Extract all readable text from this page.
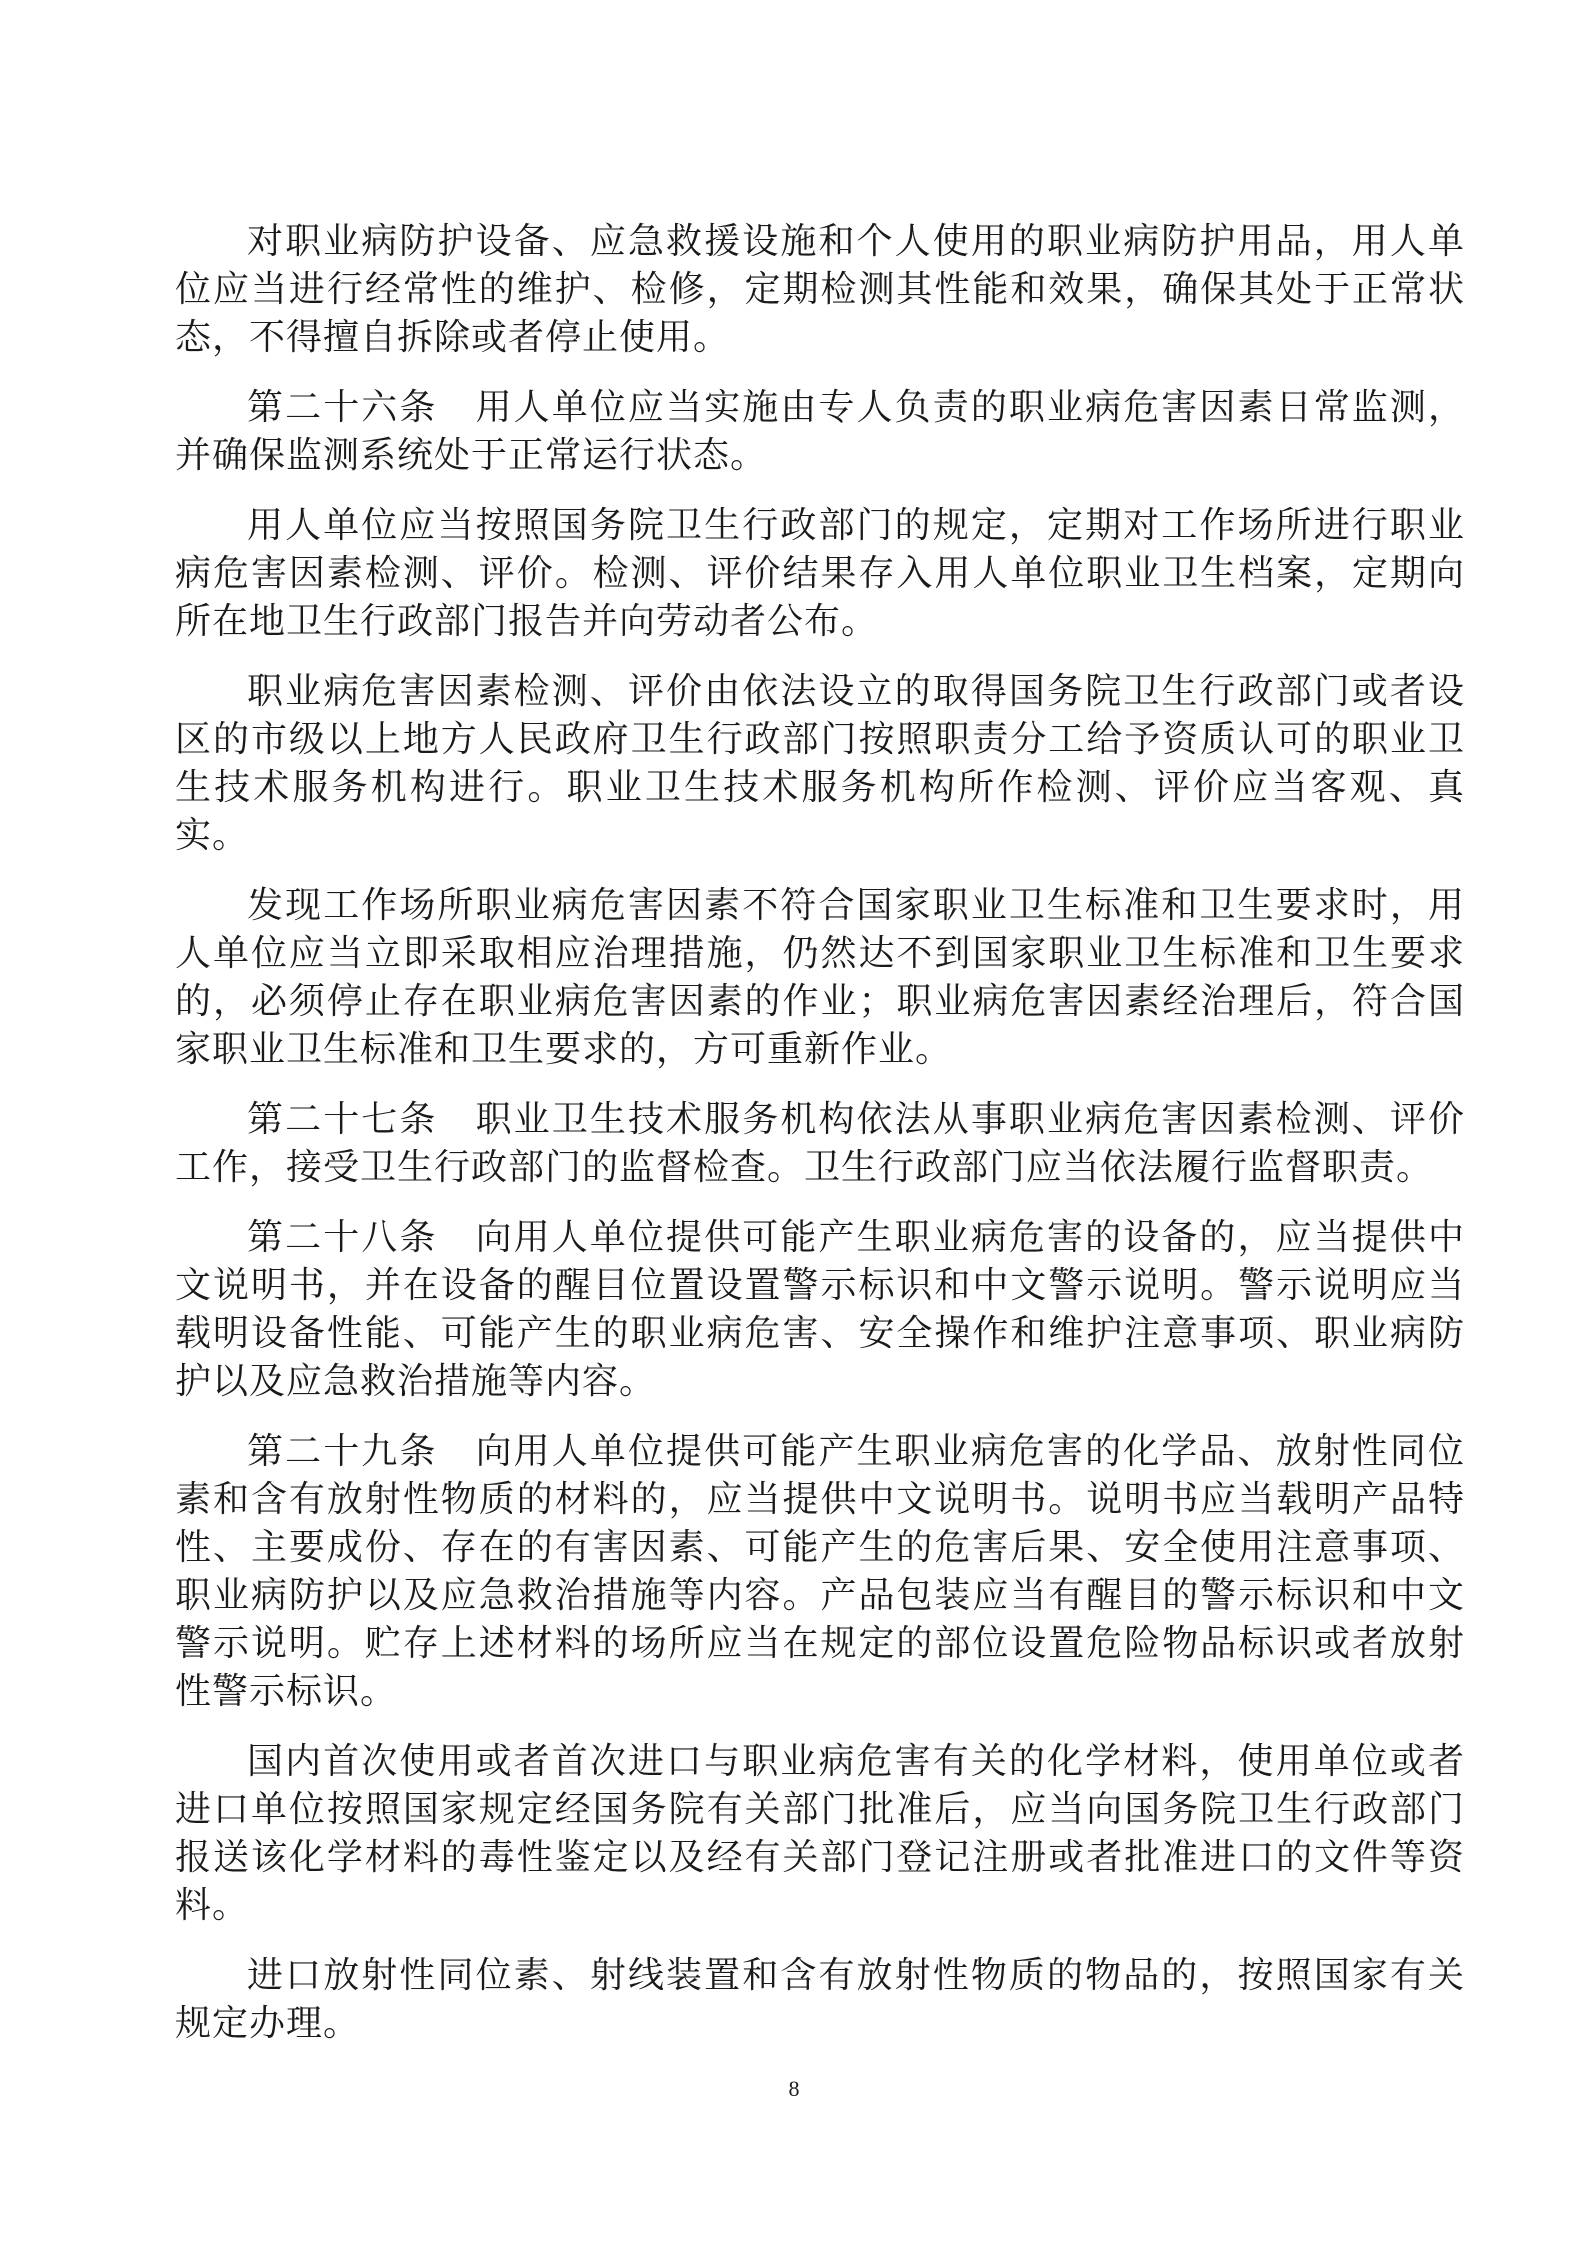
对职业病防护设备、应急救援设施和个人使用的职业病防护用品，用人单位应当进行经常性的维护、检修，定期检测其性能和效果，确保其处于正常状态，不得擅自拆除或者停止使用。

第二十六条　用人单位应当实施由专人负责的职业病危害因素日常监测，并确保监测系统处于正常运行状态。

用人单位应当按照国务院卫生行政部门的规定，定期对工作场所进行职业病危害因素检测、评价。检测、评价结果存入用人单位职业卫生档案，定期向所在地卫生行政部门报告并向劳动者公布。

职业病危害因素检测、评价由依法设立的取得国务院卫生行政部门或者设区的市级以上地方人民政府卫生行政部门按照职责分工给予资质认可的职业卫生技术服务机构进行。职业卫生技术服务机构所作检测、评价应当客观、真实。

发现工作场所职业病危害因素不符合国家职业卫生标准和卫生要求时，用人单位应当立即采取相应治理措施，仍然达不到国家职业卫生标准和卫生要求的，必须停止存在职业病危害因素的作业；职业病危害因素经治理后，符合国家职业卫生标准和卫生要求的，方可重新作业。

第二十七条　职业卫生技术服务机构依法从事职业病危害因素检测、评价工作，接受卫生行政部门的监督检查。卫生行政部门应当依法履行监督职责。

第二十八条　向用人单位提供可能产生职业病危害的设备的，应当提供中文说明书，并在设备的醒目位置设置警示标识和中文警示说明。警示说明应当载明设备性能、可能产生的职业病危害、安全操作和维护注意事项、职业病防护以及应急救治措施等内容。

第二十九条　向用人单位提供可能产生职业病危害的化学品、放射性同位素和含有放射性物质的材料的，应当提供中文说明书。说明书应当载明产品特性、主要成份、存在的有害因素、可能产生的危害后果、安全使用注意事项、职业病防护以及应急救治措施等内容。产品包装应当有醒目的警示标识和中文警示说明。贮存上述材料的场所应当在规定的部位设置危险物品标识或者放射性警示标识。

国内首次使用或者首次进口与职业病危害有关的化学材料，使用单位或者进口单位按照国家规定经国务院有关部门批准后，应当向国务院卫生行政部门报送该化学材料的毒性鉴定以及经有关部门登记注册或者批准进口的文件等资料。

进口放射性同位素、射线装置和含有放射性物质的物品的，按照国家有关规定办理。

8
